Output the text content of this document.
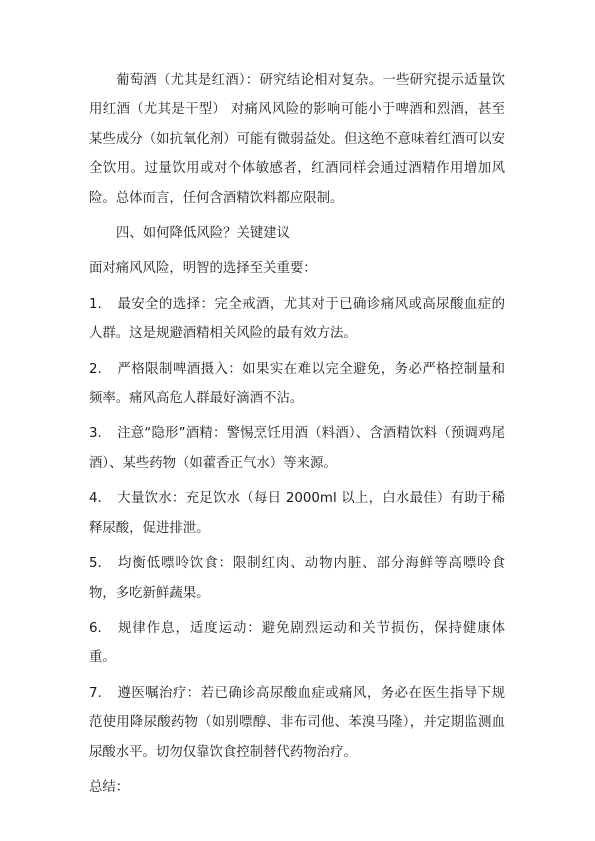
葡萄酒（尤其是红酒）：研究结论相对复杂。一些研究提示适量饮用红酒（尤其是干型） 对痛风风险的影响可能小于啤酒和烈酒，甚至某些成分（如抗氧化剂）可能有微弱益处。但这绝不意味着红酒可以安全饮用。过量饮用或对个体敏感者，红酒同样会通过酒精作用增加风险。总体而言，任何含酒精饮料都应限制。

四、如何降低风险？关键建议

面对痛风风险，明智的选择至关重要：

1. 最安全的选择：完全戒酒，尤其对于已确诊痛风或高尿酸血症的人群。这是规避酒精相关风险的最有效方法。

2. 严格限制啤酒摄入：如果实在难以完全避免，务必严格控制量和频率。痛风高危人群最好滴酒不沾。

3. 注意“隐形”酒精：警惕烹饪用酒（料酒）、含酒精饮料（预调鸡尾酒）、某些药物（如藿香正气水）等来源。

4. 大量饮水：充足饮水（每日 2000ml 以上，白水最佳）有助于稀释尿酸，促进排泄。

5. 均衡低嘌呤饮食：限制红肉、动物内脏、部分海鲜等高嘌呤食物，多吃新鲜蔬果。

6. 规律作息，适度运动：避免剧烈运动和关节损伤，保持健康体重。

7. 遵医嘱治疗：若已确诊高尿酸血症或痛风，务必在医生指导下规范使用降尿酸药物（如别嘌醇、非布司他、苯溴马隆），并定期监测血尿酸水平。切勿仅靠饮食控制替代药物治疗。

总结：
